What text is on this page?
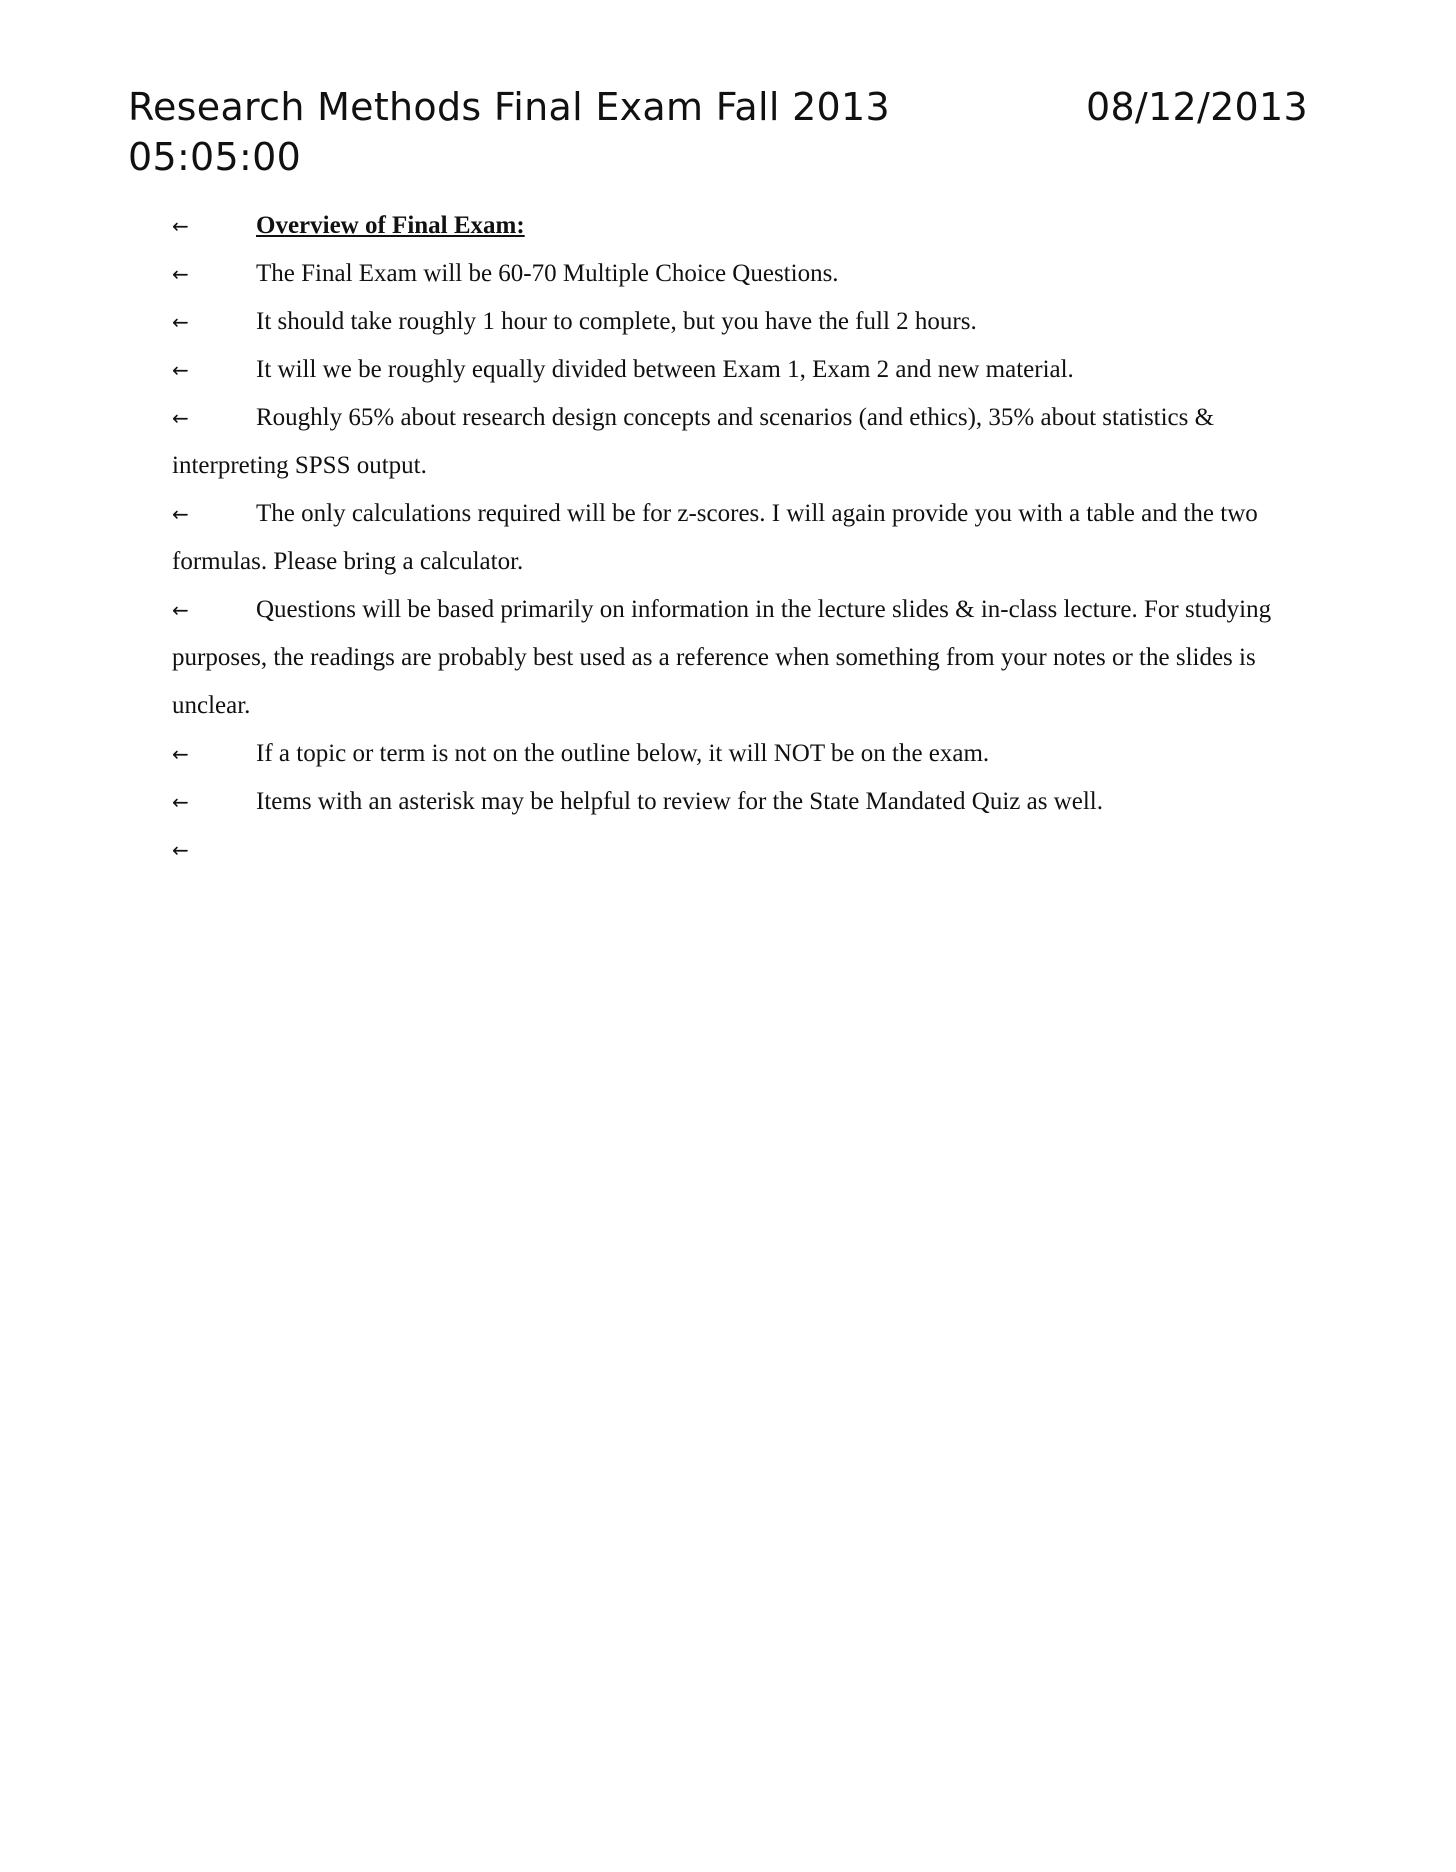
Research Methods Final Exam Fall 2013	08/12/2013
05:05:00
←	Overview of Final Exam:
←	The Final Exam will be 60-70 Multiple Choice Questions.
←	It should take roughly 1 hour to complete, but you have the full 2 hours.
←	It will we be roughly equally divided between Exam 1, Exam 2 and new material.
←	Roughly 65% about research design concepts and scenarios (and ethics), 35% about statistics & interpreting SPSS output.
←	The only calculations required will be for z-scores. I will again provide you with a table and the two formulas. Please bring a calculator.
←	Questions will be based primarily on information in the lecture slides & in-class lecture. For studying purposes, the readings are probably best used as a reference when something from your notes or the slides is unclear.
←	If a topic or term is not on the outline below, it will NOT be on the exam.
←	Items with an asterisk may be helpful to review for the State Mandated Quiz as well.
←
